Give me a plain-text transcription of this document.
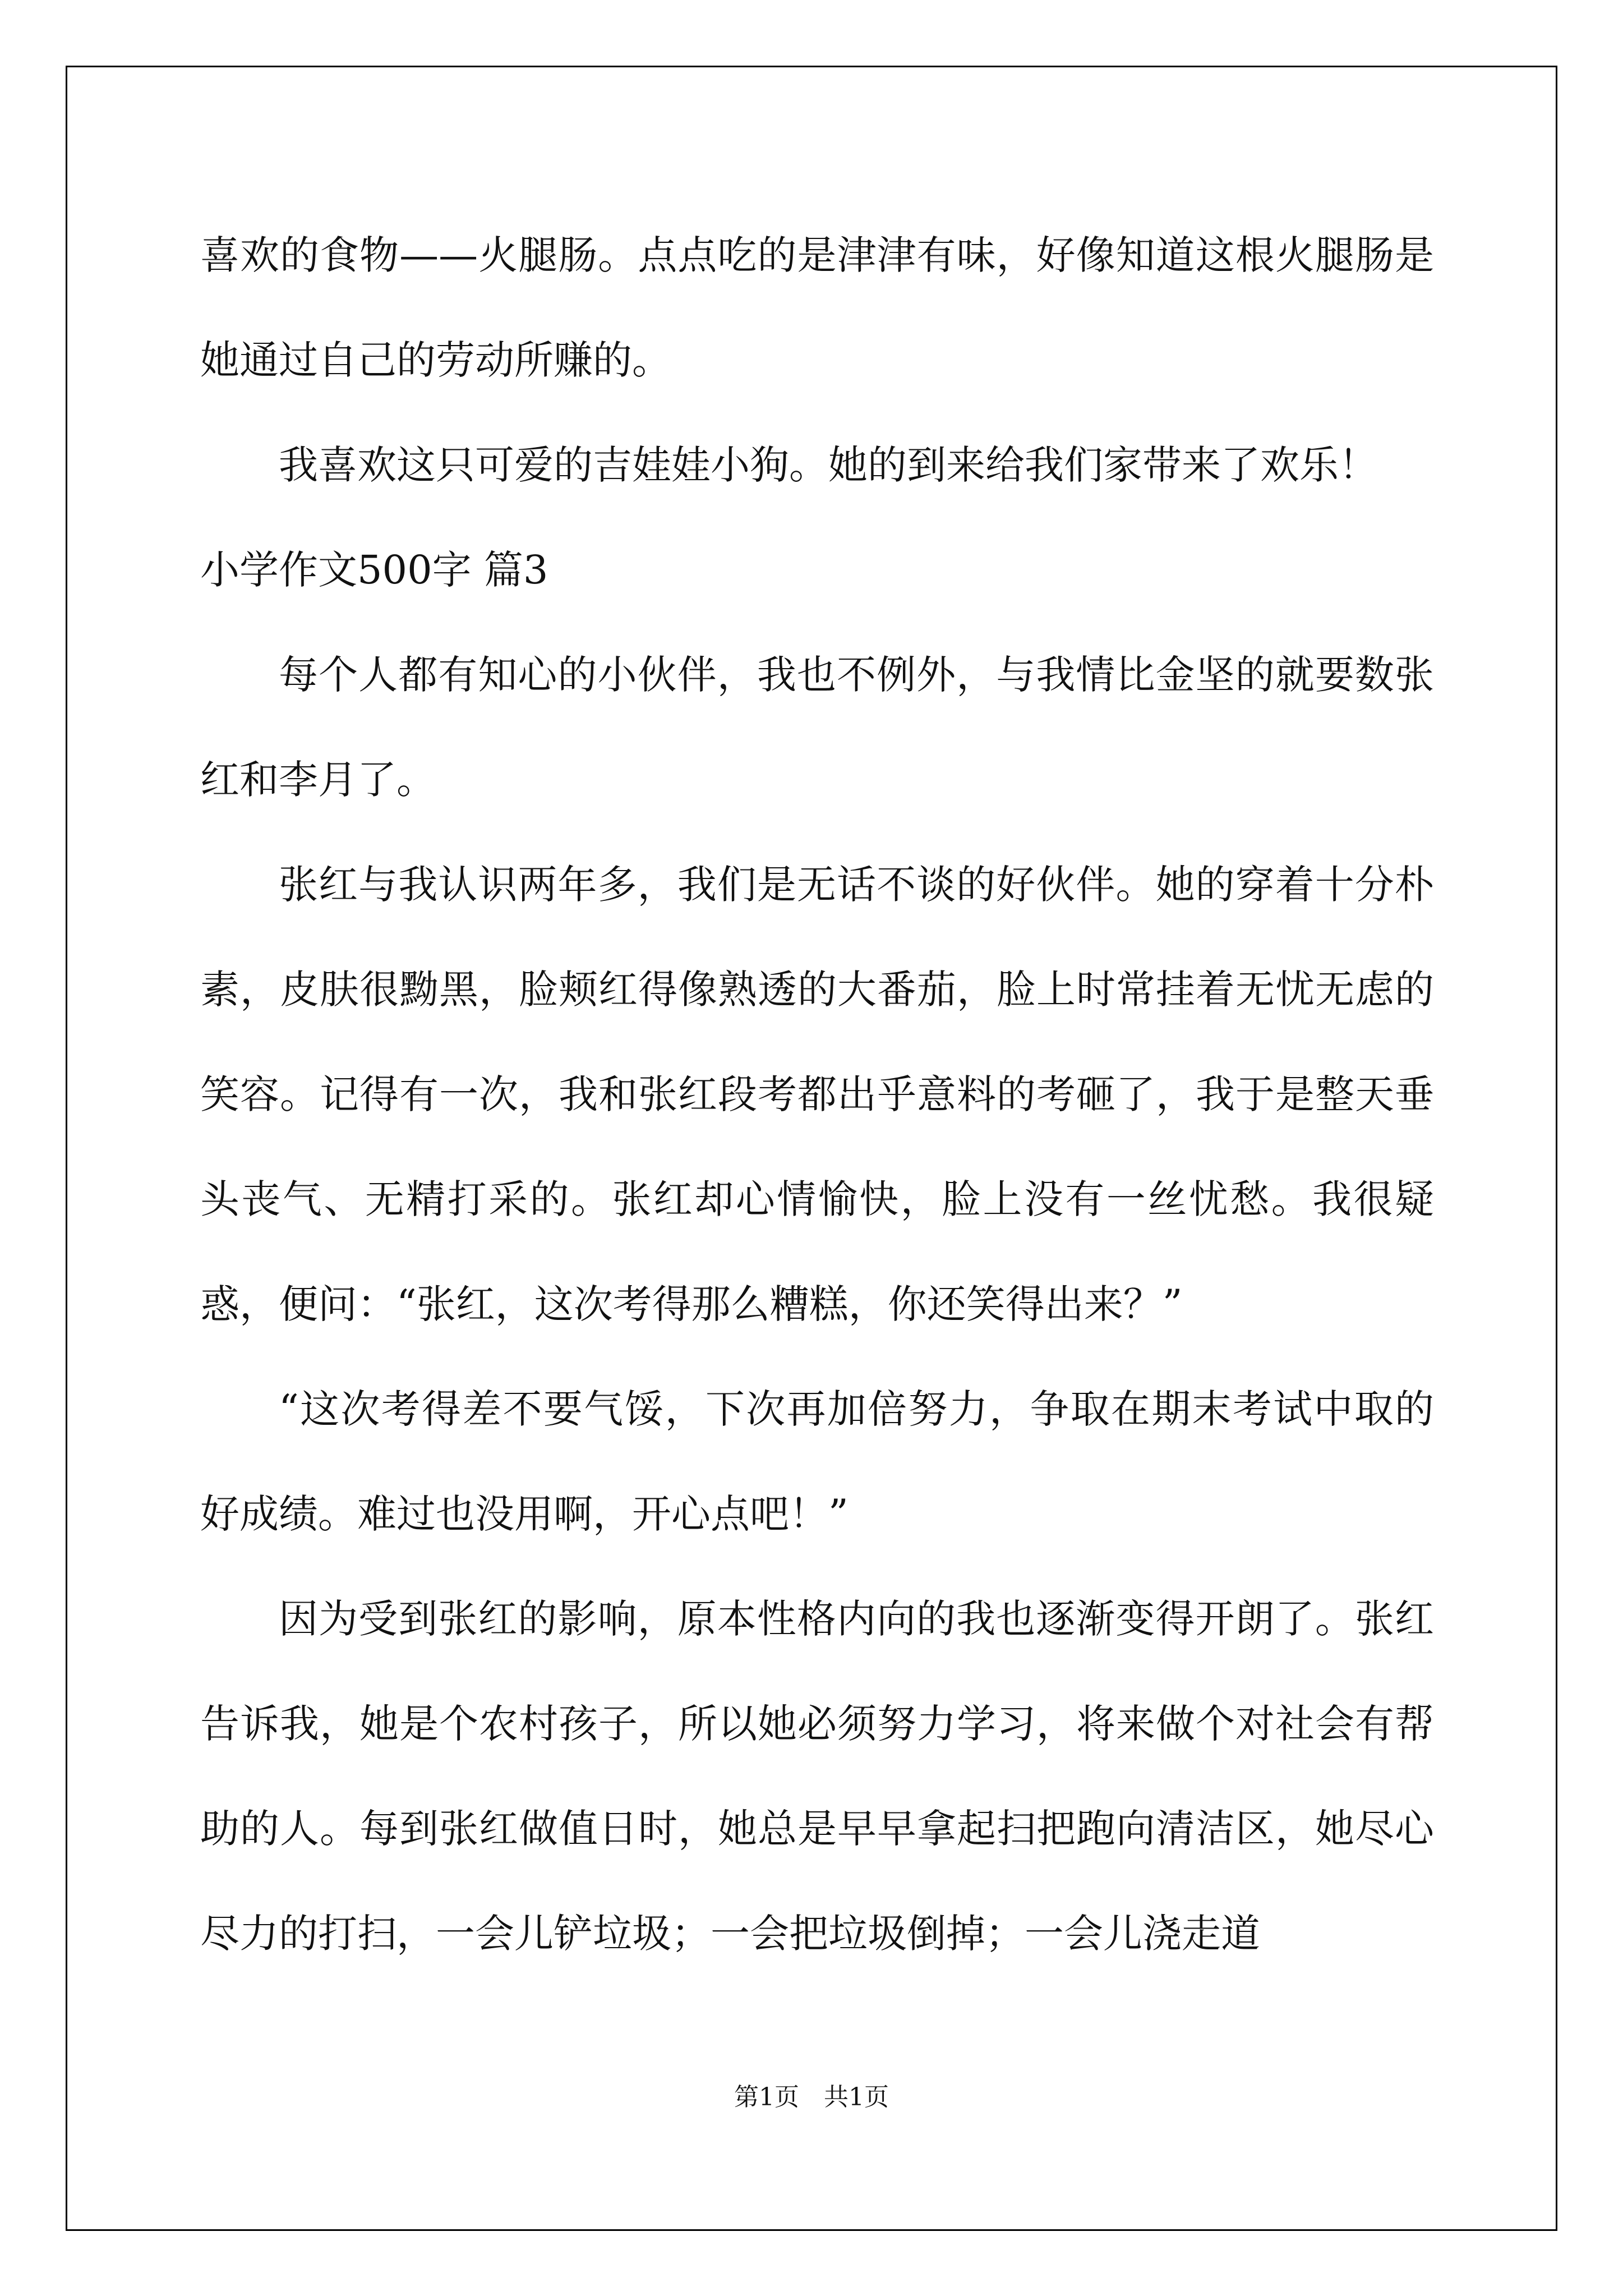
喜欢的食物——火腿肠。点点吃的是津津有味，好像知道这根火腿肠是她通过自己的劳动所赚的。

我喜欢这只可爱的吉娃娃小狗。她的到来给我们家带来了欢乐！

小学作文500字 篇3

每个人都有知心的小伙伴，我也不例外，与我情比金坚的就要数张红和李月了。

张红与我认识两年多，我们是无话不谈的好伙伴。她的穿着十分朴素，皮肤很黝黑，脸颊红得像熟透的大番茄，脸上时常挂着无忧无虑的笑容。记得有一次，我和张红段考都出乎意料的考砸了，我于是整天垂头丧气、无精打采的。张红却心情愉快，脸上没有一丝忧愁。我很疑惑，便问：“张红，这次考得那么糟糕，你还笑得出来？”

“这次考得差不要气馁，下次再加倍努力，争取在期末考试中取的好成绩。难过也没用啊，开心点吧！”

因为受到张红的影响，原本性格内向的我也逐渐变得开朗了。张红告诉我，她是个农村孩子，所以她必须努力学习，将来做个对社会有帮助的人。每到张红做值日时，她总是早早拿起扫把跑向清洁区，她尽心尽力的打扫，一会儿铲垃圾；一会把垃圾倒掉；一会儿浇走道

第1页　共1页
